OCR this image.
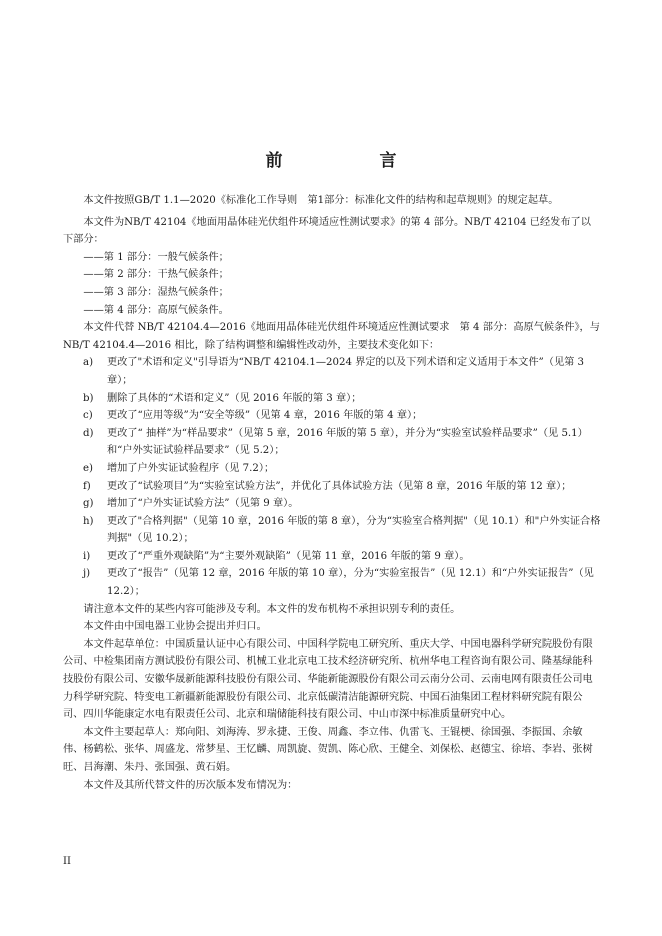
前　言

本文件按照GB/T 1.1—2020《标准化工作导则　第1部分：标准化文件的结构和起草规则》的规定起草。

本文件为NB/T 42104《地面用晶体硅光伏组件环境适应性测试要求》的第 4 部分。NB/T 42104 已经发布了以下部分：

——第 1 部分：一般气候条件；

——第 2 部分：干热气候条件；

——第 3 部分：湿热气候条件；

——第 4 部分：高原气候条件。

本文件代替 NB/T 42104.4—2016《地面用晶体硅光伏组件环境适应性测试要求　第 4 部分：高原气候条件》，与NB/T 42104.4—2016 相比，除了结构调整和编辑性改动外，主要技术变化如下：

a)	更改了"术语和定义"引导语为“NB/T 42104.1—2024 界定的以及下列术语和定义适用于本文件”（见第 3 章）；
b)	删除了具体的“术语和定义”（见 2016 年版的第 3 章）；
c)	更改了“应用等级”为“安全等级”（见第 4 章，2016 年版的第 4 章）；
d)	更改了“ 抽样”为“样品要求”（见第 5 章，2016 年版的第 5 章），并分为“实验室试验样品要求”（见 5.1）和“户外实证试验样品要求”（见 5.2）；
e)	增加了户外实证试验程序（见 7.2）；
f)	更改了“试验项目”为“实验室试验方法”，并优化了具体试验方法（见第 8 章，2016 年版的第 12 章）；
g)	增加了“户外实证试验方法”（见第 9 章）。
h)	更改了"合格判据"（见第 10 章，2016 年版的第 8 章），分为“实验室合格判据"（见 10.1）和"户外实证合格判据"（见 10.2）；
i)	更改了“严重外观缺陷”为“主要外观缺陷”（见第 11 章，2016 年版的第 9 章）。
j)	更改了“报告”（见第 12 章，2016 年版的第 10 章），分为“实验室报告”（见 12.1）和“户外实证报告”（见 12.2）；

请注意本文件的某些内容可能涉及专利。本文件的发布机构不承担识别专利的责任。

本文件由中国电器工业协会提出并归口。

本文件起草单位：中国质量认证中心有限公司、中国科学院电工研究所、重庆大学、中国电器科学研究院股份有限公司、中检集团南方测试股份有限公司、机械工业北京电工技术经济研究所、杭州华电工程咨询有限公司、隆基绿能科技股份有限公司、安徽华晟新能源科技股份有限公司、华能新能源股份有限公司云南分公司、云南电网有限责任公司电力科学研究院、特变电工新疆新能源股份有限公司、北京低碳清洁能源研究院、中国石油集团工程材料研究院有限公司、四川华能康定水电有限责任公司、北京和瑞储能科技有限公司、中山市深中标准质量研究中心。

本文件主要起草人：郑向阳、刘海涛、罗永捷、王俊、周鑫、李立伟、仇雷飞、王锟梗、徐国强、李振国、余敏伟、杨鹤松、张华、周盛龙、常梦星、王忆麟、周凯旋、贺凯、陈心欣、王健全、刘保松、赵德宝、徐培、李岩、张树旺、吕海潮、朱丹、张国强、黄石娟。

本文件及其所代替文件的历次版本发布情况为：

II
